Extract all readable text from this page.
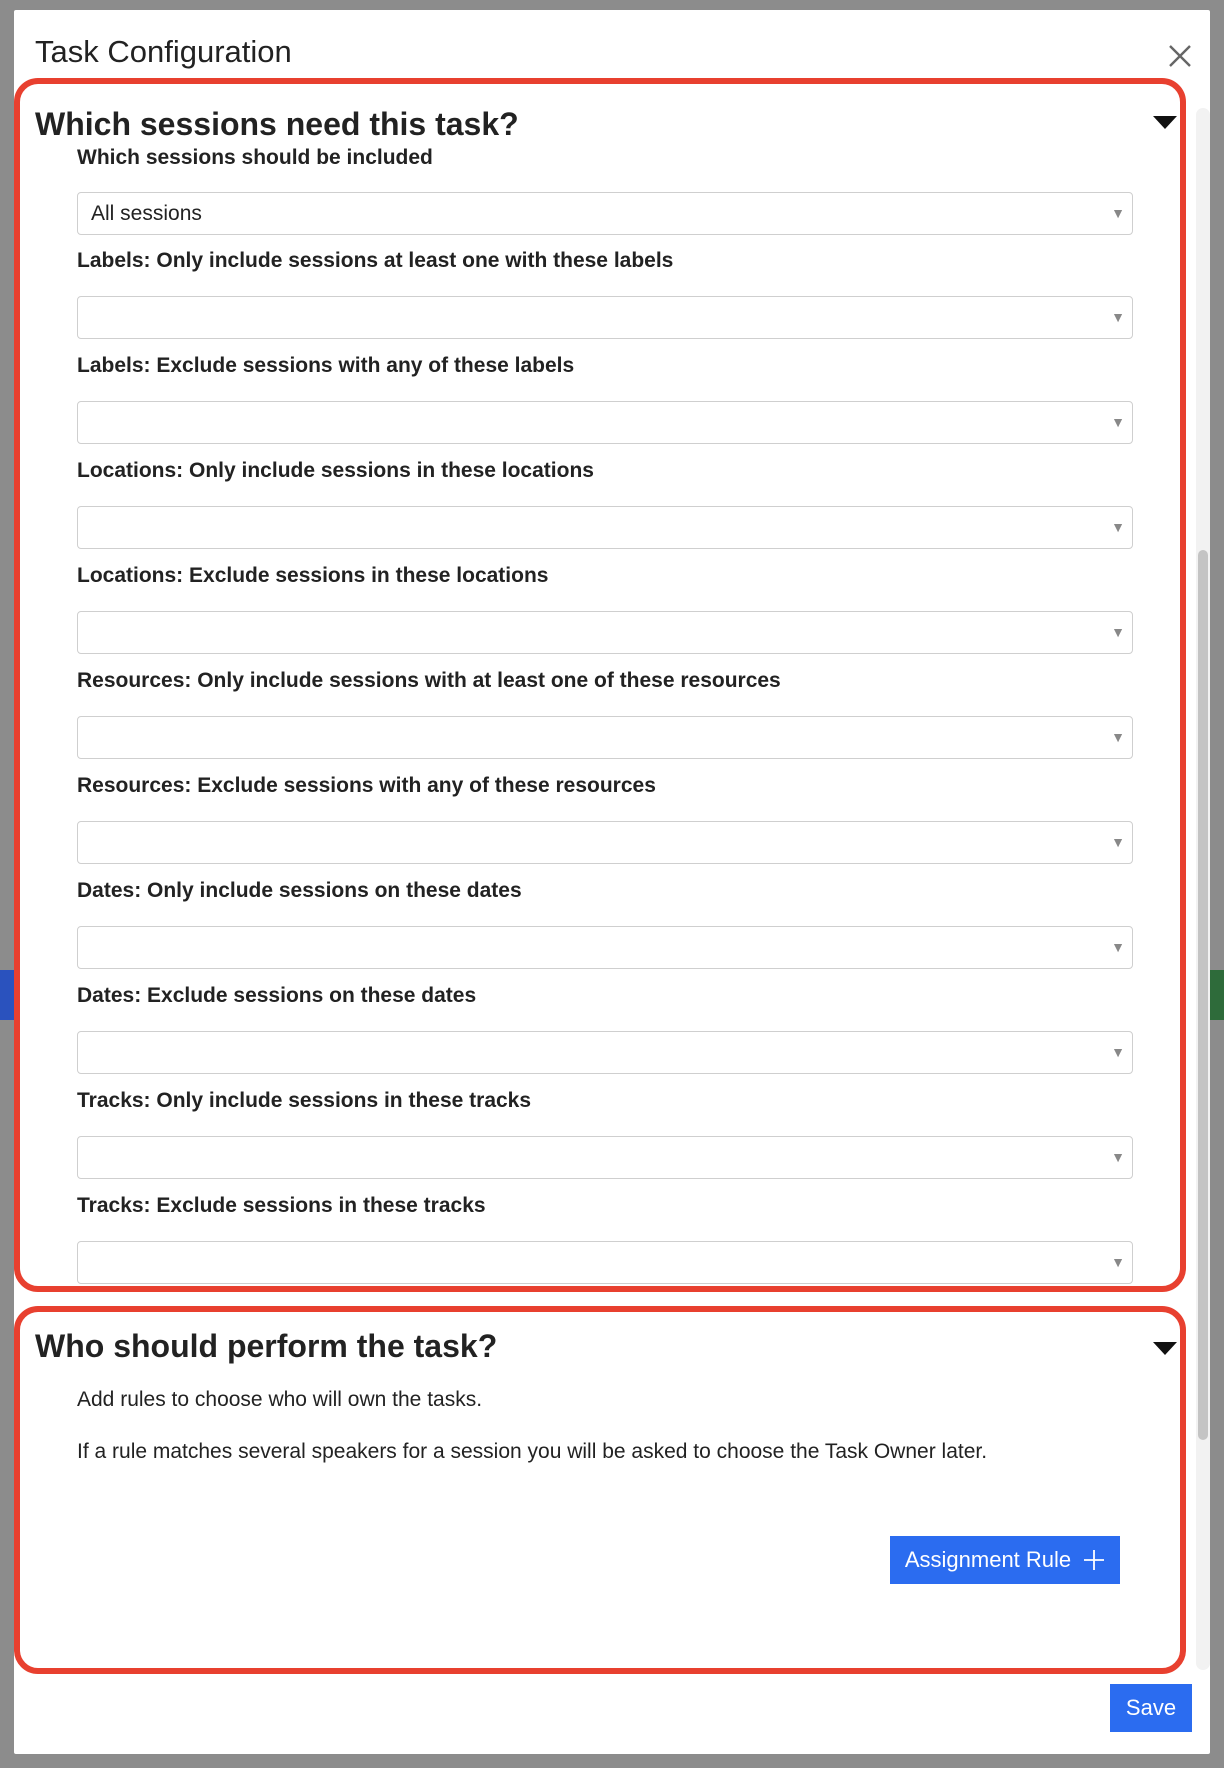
Task Configuration
Which sessions need this task?
Which sessions should be included
All sessions	▼
Labels: Only include sessions at least one with these labels
▼
Labels: Exclude sessions with any of these labels
▼
Locations: Only include sessions in these locations
▼
Locations: Exclude sessions in these locations
▼
Resources: Only include sessions with at least one of these resources
▼
Resources: Exclude sessions with any of these resources
▼
Dates: Only include sessions on these dates
▼
Dates: Exclude sessions on these dates
▼
Tracks: Only include sessions in these tracks
▼
Tracks: Exclude sessions in these tracks
▼
Who should perform the task?

Add rules to choose who will own the tasks.

If a rule matches several speakers for a session you will be asked to choose the Task Owner later.

Assignment Rule
Save
